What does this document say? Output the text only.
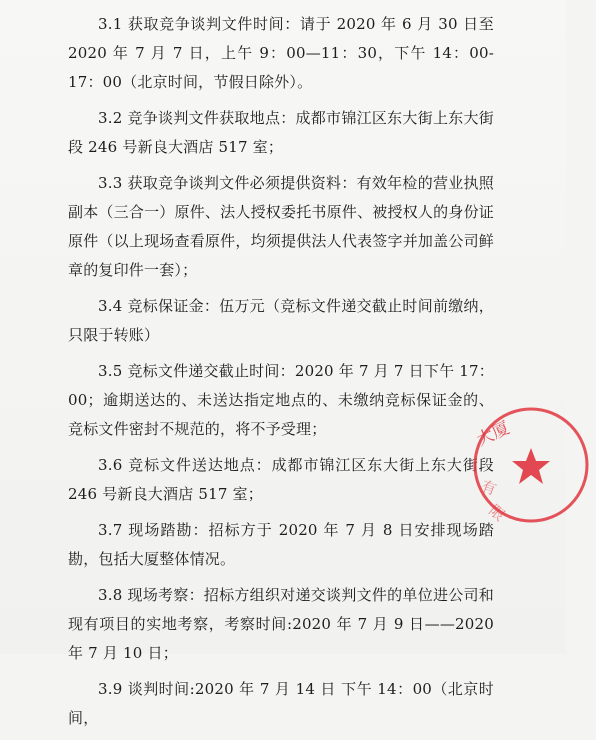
3.1 获取竞争谈判文件时间：请于 2020 年 6 月 30 日至 2020 年 7 月 7 日，上午 9：00—11：30，下午 14：00-17：00（北京时间，节假日除外）。

3.2 竞争谈判文件获取地点：成都市锦江区东大街上东大街段 246 号新良大酒店 517 室；

3.3 获取竞争谈判文件必须提供资料：有效年检的营业执照副本（三合一）原件、法人授权委托书原件、被授权人的身份证原件（以上现场查看原件，均须提供法人代表签字并加盖公司鲜章的复印件一套）；

3.4 竞标保证金：伍万元（竞标文件递交截止时间前缴纳，只限于转账）

3.5 竞标文件递交截止时间：2020 年 7 月 7 日下午 17：00；逾期送达的、未送达指定地点的、未缴纳竞标保证金的、竞标文件密封不规范的，将不予受理；

3.6 竞标文件送达地点：成都市锦江区东大街上东大街段 246 号新良大酒店 517 室；

3.7 现场踏勘：招标方于 2020 年 7 月 8 日安排现场踏勘，包括大厦整体情况。

3.8 现场考察：招标方组织对递交谈判文件的单位进公司和现有项目的实地考察，考察时间:2020 年 7 月 9 日——2020 年 7 月 10 日；

3.9 谈判时间:2020 年 7 月 14 日 下午 14：00（北京时间，

大厦
有
限
